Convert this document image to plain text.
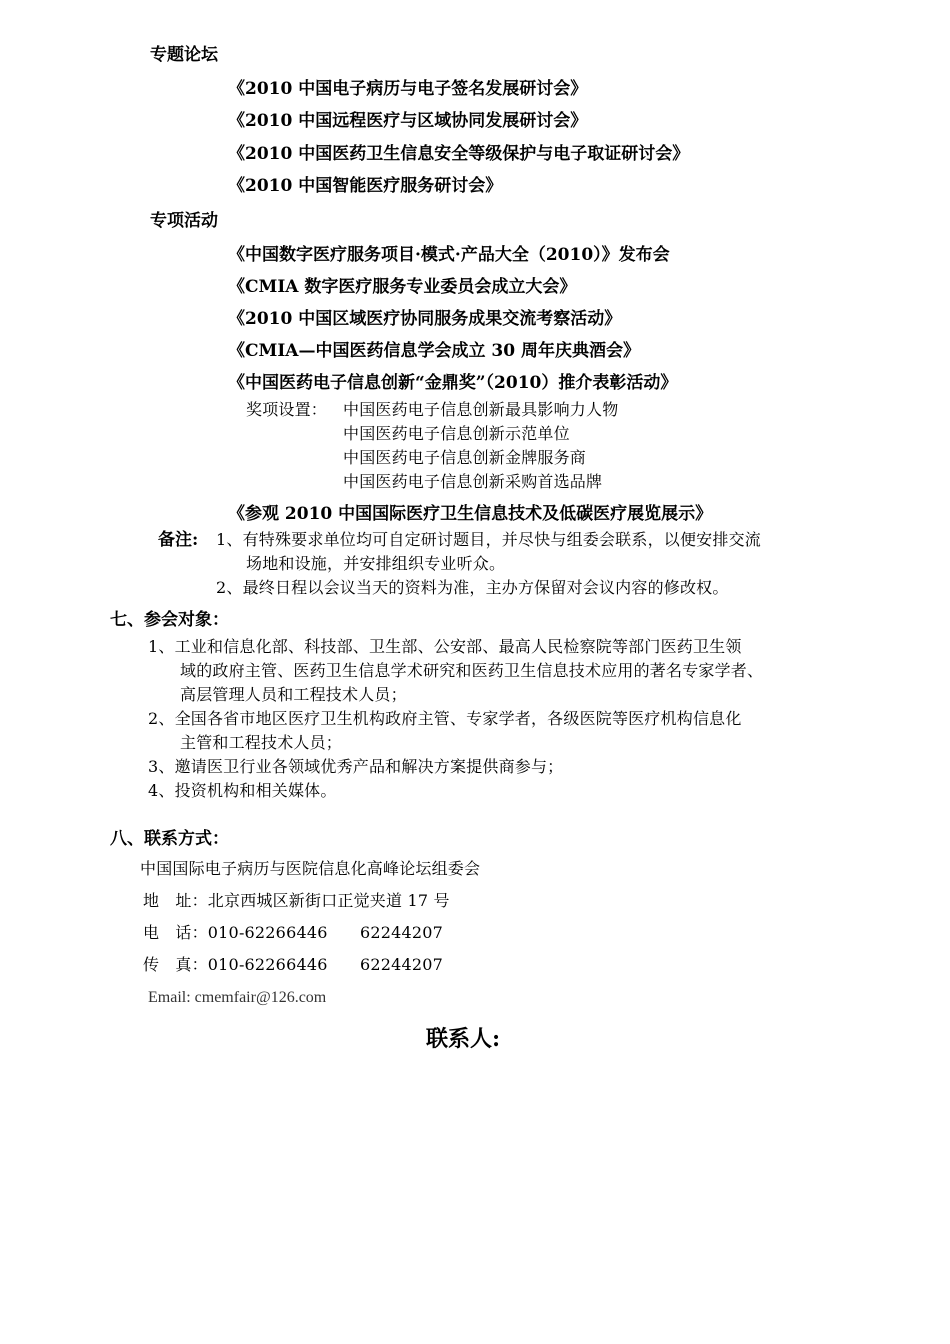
专题论坛
《2010 中国电子病历与电子签名发展研讨会》
《2010 中国远程医疗与区域协同发展研讨会》
《2010 中国医药卫生信息安全等级保护与电子取证研讨会》
《2010 中国智能医疗服务研讨会》
专项活动
《中国数字医疗服务项目·模式·产品大全（2010）》发布会
《CMIA 数字医疗服务专业委员会成立大会》
《2010 中国区域医疗协同服务成果交流考察活动》
《CMIA—中国医药信息学会成立 30 周年庆典酒会》
《中国医药电子信息创新“金鼎奖”（2010）推介表彰活动》
奖项设置： 中国医药电子信息创新最具影响力人物
中国医药电子信息创新示范单位
中国医药电子信息创新金牌服务商
中国医药电子信息创新采购首选品牌
《参观 2010 中国国际医疗卫生信息技术及低碳医疗展览展示》
备注: 1、有特殊要求单位均可自定研讨题目，并尽快与组委会联系，以便安排交流
场地和设施，并安排组织专业听众。
2、最终日程以会议当天的资料为准，主办方保留对会议内容的修改权。
七、参会对象：
1、工业和信息化部、科技部、卫生部、公安部、最高人民检察院等部门医药卫生领
域的政府主管、医药卫生信息学术研究和医药卫生信息技术应用的著名专家学者、
高层管理人员和工程技术人员；
2、全国各省市地区医疗卫生机构政府主管、专家学者，各级医院等医疗机构信息化
主管和工程技术人员；
3、邀请医卫行业各领域优秀产品和解决方案提供商参与；
4、投资机构和相关媒体。
八、联系方式：
中国国际电子病历与医院信息化高峰论坛组委会
地　址：北京西城区新街口正觉夹道 17 号
电　话：010-62266446　　62244207
传　真：010-62266446　　62244207
Email: cmemfair@126.com
联系人:
